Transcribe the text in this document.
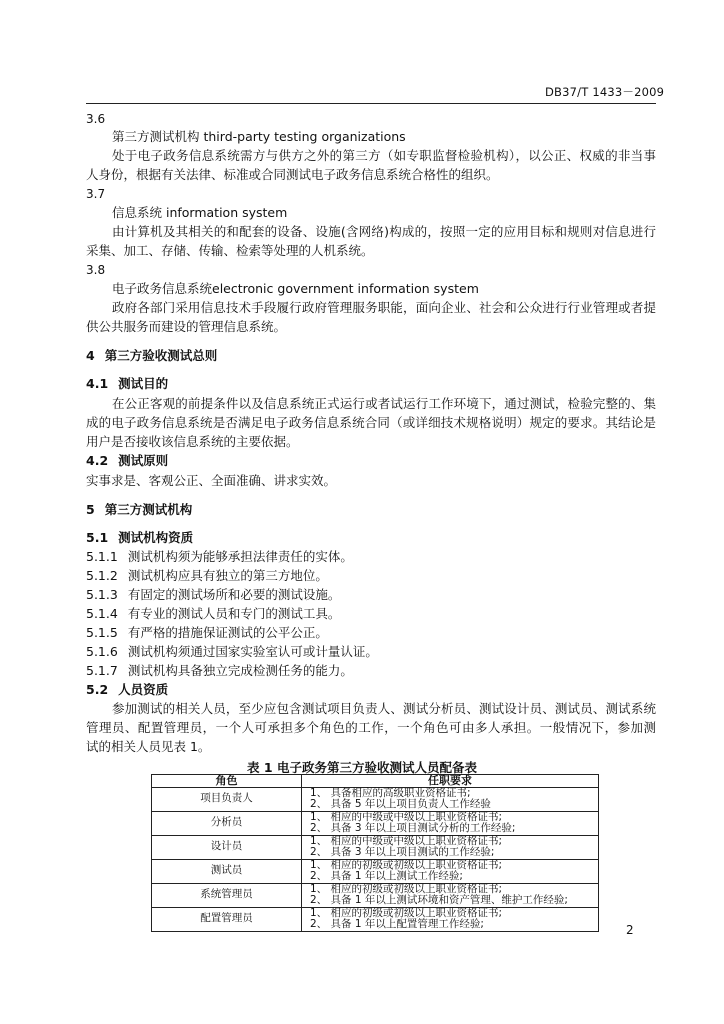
DB37/T 1433－2009
3.6
第三方测试机构 third-party testing organizations
处于电子政务信息系统需方与供方之外的第三方（如专职监督检验机构），以公正、权威的非当事
人身份，根据有关法律、标准或合同测试电子政务信息系统合格性的组织。
3.7
信息系统 information system
由计算机及其相关的和配套的设备、设施(含网络)构成的，按照一定的应用目标和规则对信息进行
采集、加工、存储、传输、检索等处理的人机系统。
3.8
电子政务信息系统electronic government information system
政府各部门采用信息技术手段履行政府管理服务职能，面向企业、社会和公众进行行业管理或者提
供公共服务而建设的管理信息系统。
4 第三方验收测试总则
4.1 测试目的
在公正客观的前提条件以及信息系统正式运行或者试运行工作环境下，通过测试，检验完整的、集
成的电子政务信息系统是否满足电子政务信息系统合同（或详细技术规格说明）规定的要求。其结论是
用户是否接收该信息系统的主要依据。
4.2 测试原则
实事求是、客观公正、全面准确、讲求实效。
5 第三方测试机构
5.1 测试机构资质
5.1.1 测试机构须为能够承担法律责任的实体。
5.1.2 测试机构应具有独立的第三方地位。
5.1.3 有固定的测试场所和必要的测试设施。
5.1.4 有专业的测试人员和专门的测试工具。
5.1.5 有严格的措施保证测试的公平公正。
5.1.6 测试机构须通过国家实验室认可或计量认证。
5.1.7 测试机构具备独立完成检测任务的能力。
5.2 人员资质
参加测试的相关人员，至少应包含测试项目负责人、测试分析员、测试设计员、测试员、测试系统
管理员、配置管理员，一个人可承担多个角色的工作，一个角色可由多人承担。一般情况下，参加测
试的相关人员见表 1。
表 1 电子政务第三方验收测试人员配备表
角色	任职要求
项目负责人	1、 具备相应的高级职业资格证书;
2、 具备 5 年以上项目负责人工作经验

分析员	1、 相应的中级或中级以上职业资格证书;
2、 具备 3 年以上项目测试分析的工作经验;

设计员	1、 相应的中级或中级以上职业资格证书;
2、 具备 3 年以上项目测试的工作经验;

测试员	1、 相应的初级或初级以上职业资格证书;
2、 具备 1 年以上测试工作经验;

系统管理员	1、 相应的初级或初级以上职业资格证书;
2、 具备 1 年以上测试环境和资产管理、维护工作经验;

配置管理员	1、 相应的初级或初级以上职业资格证书;
2、 具备 1 年以上配置管理工作经验;	2
